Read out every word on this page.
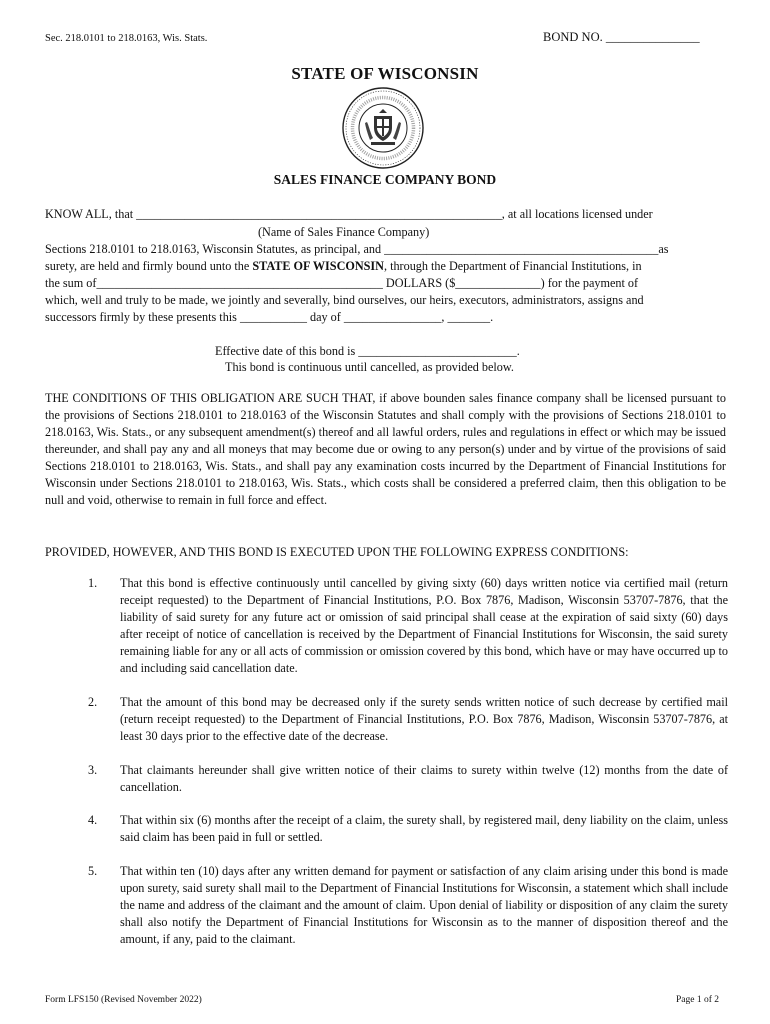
Sec. 218.0101 to 218.0163, Wis. Stats.	BOND NO. _______________
STATE OF WISCONSIN
SALES FINANCE COMPANY BOND
KNOW ALL, that ____________________________________________________________, at all locations licensed under
(Name of Sales Finance Company)
Sections 218.0101 to 218.0163, Wisconsin Statutes, as principal, and _____________________________________________as
surety, are held and firmly bound unto the STATE OF WISCONSIN, through the Department of Financial Institutions, in
the sum of_______________________________________________ DOLLARS ($______________) for the payment of
which, well and truly to be made, we jointly and severally, bind ourselves, our heirs, executors, administrators, assigns and
successors firmly by these presents this ___________ day of ________________, _______.
Effective date of this bond is __________________________.
This bond is continuous until cancelled, as provided below.
THE CONDITIONS OF THIS OBLIGATION ARE SUCH THAT, if above bounden sales finance company shall be licensed pursuant to the provisions of Sections 218.0101 to 218.0163 of the Wisconsin Statutes and shall comply with the provisions of Sections 218.0101 to 218.0163, Wis. Stats., or any subsequent amendment(s) thereof and all lawful orders, rules and regulations in effect or which may be issued thereunder, and shall pay any and all moneys that may become due or owing to any person(s) under and by virtue of the provisions of said Sections 218.0101 to 218.0163, Wis. Stats., and shall pay any examination costs incurred by the Department of Financial Institutions for Wisconsin under Sections 218.0101 to 218.0163, Wis. Stats., which costs shall be considered a preferred claim, then this obligation to be null and void, otherwise to remain in full force and effect.
PROVIDED, HOWEVER, AND THIS BOND IS EXECUTED UPON THE FOLLOWING EXPRESS CONDITIONS:
1.	That this bond is effective continuously until cancelled by giving sixty (60) days written notice via certified mail (return receipt requested) to the Department of Financial Institutions, P.O. Box 7876, Madison, Wisconsin 53707-7876, that the liability of said surety for any future act or omission of said principal shall cease at the expiration of said sixty (60) days after receipt of notice of cancellation is received by the Department of Financial Institutions for Wisconsin, the said surety remaining liable for any or all acts of commission or omission covered by this bond, which have or may have occurred up to and including said cancellation date.
2.	That the amount of this bond may be decreased only if the surety sends written notice of such decrease by certified mail (return receipt requested) to the Department of Financial Institutions, P.O. Box 7876, Madison, Wisconsin 53707-7876, at least 30 days prior to the effective date of the decrease.
3.	That claimants hereunder shall give written notice of their claims to surety within twelve (12) months from the date of cancellation.
4.	That within six (6) months after the receipt of a claim, the surety shall, by registered mail, deny liability on the claim, unless said claim has been paid in full or settled.
5.	That within ten (10) days after any written demand for payment or satisfaction of any claim arising under this bond is made upon surety, said surety shall mail to the Department of Financial Institutions for Wisconsin, a statement which shall include the name and address of the claimant and the amount of claim. Upon denial of liability or disposition of any claim the surety shall also notify the Department of Financial Institutions for Wisconsin as to the manner of disposition thereof and the amount, if any, paid to the claimant.
Form LFS150 (Revised November 2022)	Page 1 of 2
